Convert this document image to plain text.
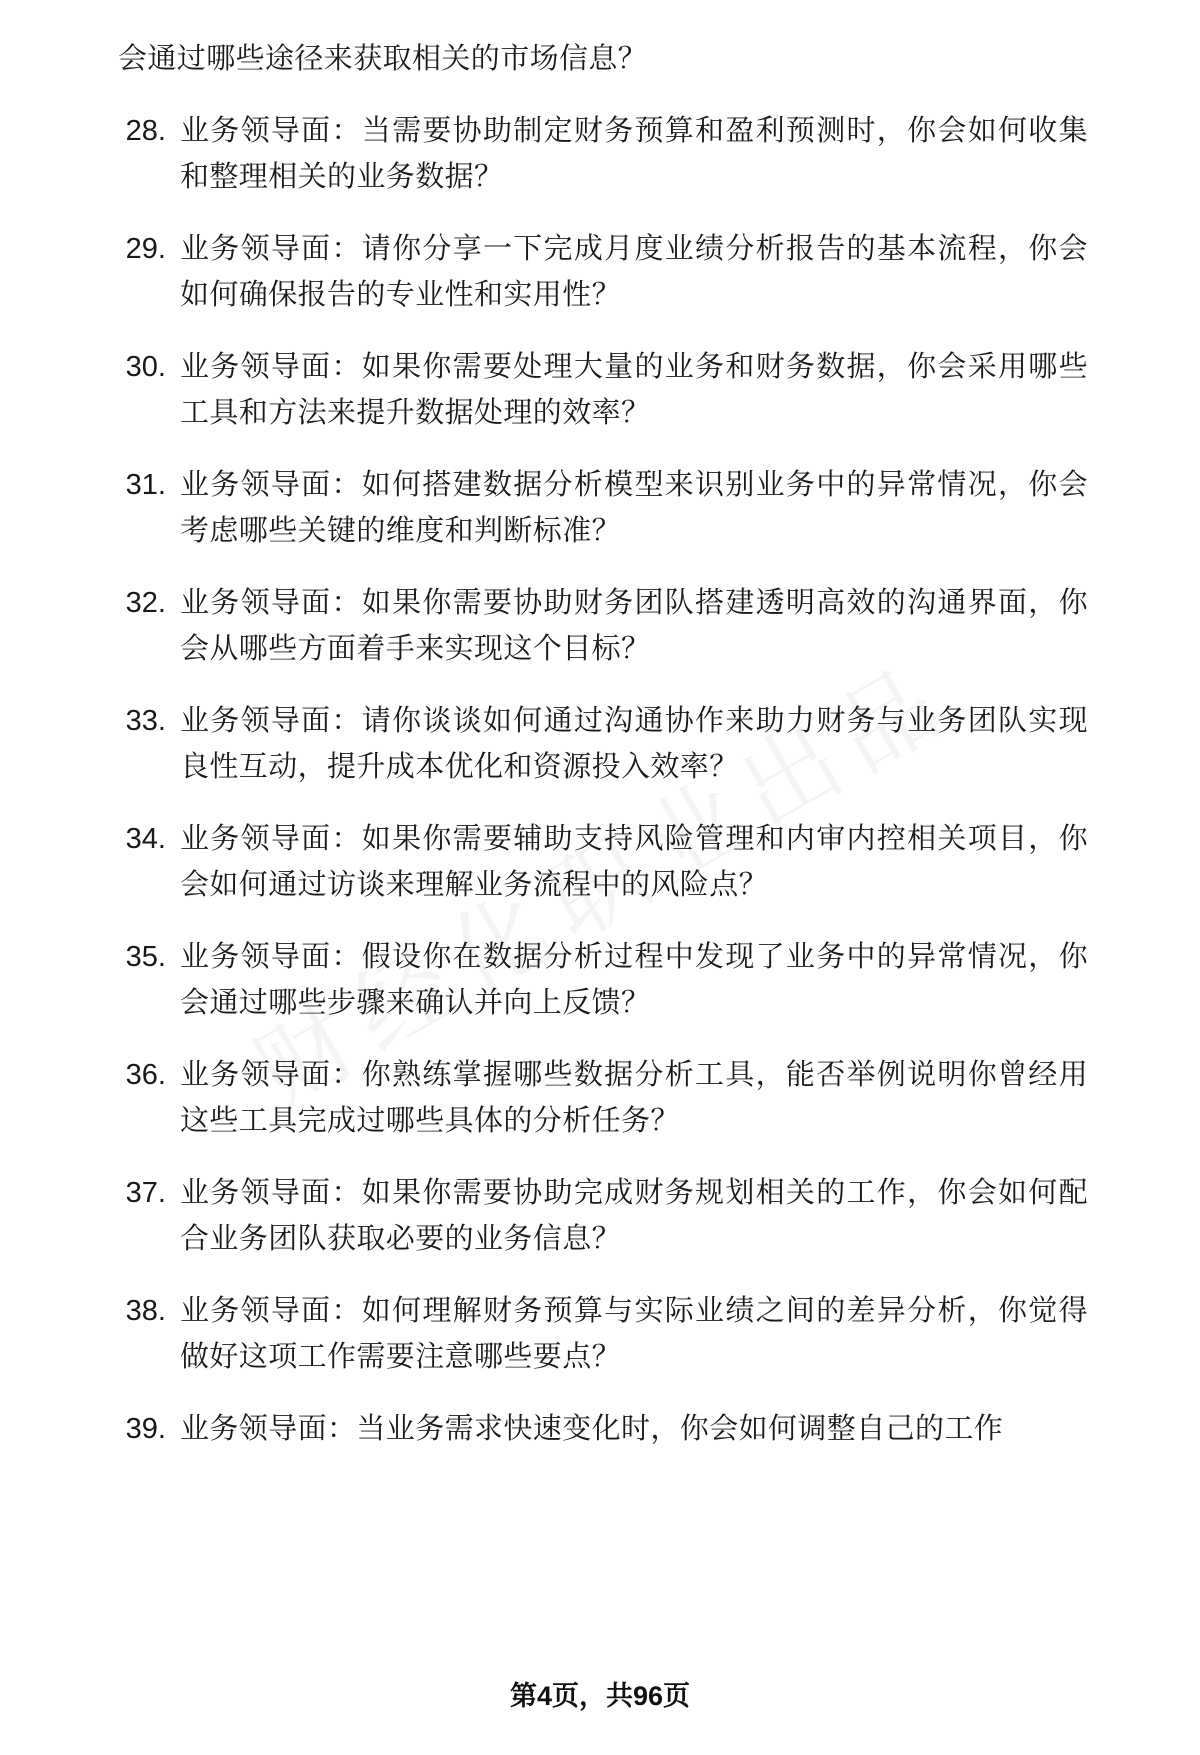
会通过哪些途径来获取相关的市场信息？

28. 业务领导面：当需要协助制定财务预算和盈利预测时，你会如何收集和整理相关的业务数据？
29. 业务领导面：请你分享一下完成月度业绩分析报告的基本流程，你会如何确保报告的专业性和实用性？
30. 业务领导面：如果你需要处理大量的业务和财务数据，你会采用哪些工具和方法来提升数据处理的效率？
31. 业务领导面：如何搭建数据分析模型来识别业务中的异常情况，你会考虑哪些关键的维度和判断标准？
32. 业务领导面：如果你需要协助财务团队搭建透明高效的沟通界面，你会从哪些方面着手来实现这个目标？
33. 业务领导面：请你谈谈如何通过沟通协作来助力财务与业务团队实现良性互动，提升成本优化和资源投入效率？
34. 业务领导面：如果你需要辅助支持风险管理和内审内控相关项目，你会如何通过访谈来理解业务流程中的风险点？
35. 业务领导面：假设你在数据分析过程中发现了业务中的异常情况，你会通过哪些步骤来确认并向上反馈？
36. 业务领导面：你熟练掌握哪些数据分析工具，能否举例说明你曾经用这些工具完成过哪些具体的分析任务？
37. 业务领导面：如果你需要协助完成财务规划相关的工作，你会如何配合业务团队获取必要的业务信息？
38. 业务领导面：如何理解财务预算与实际业绩之间的差异分析，你觉得做好这项工作需要注意哪些要点？
39. 业务领导面：当业务需求快速变化时，你会如何调整自己的工作
第4页，共96页
